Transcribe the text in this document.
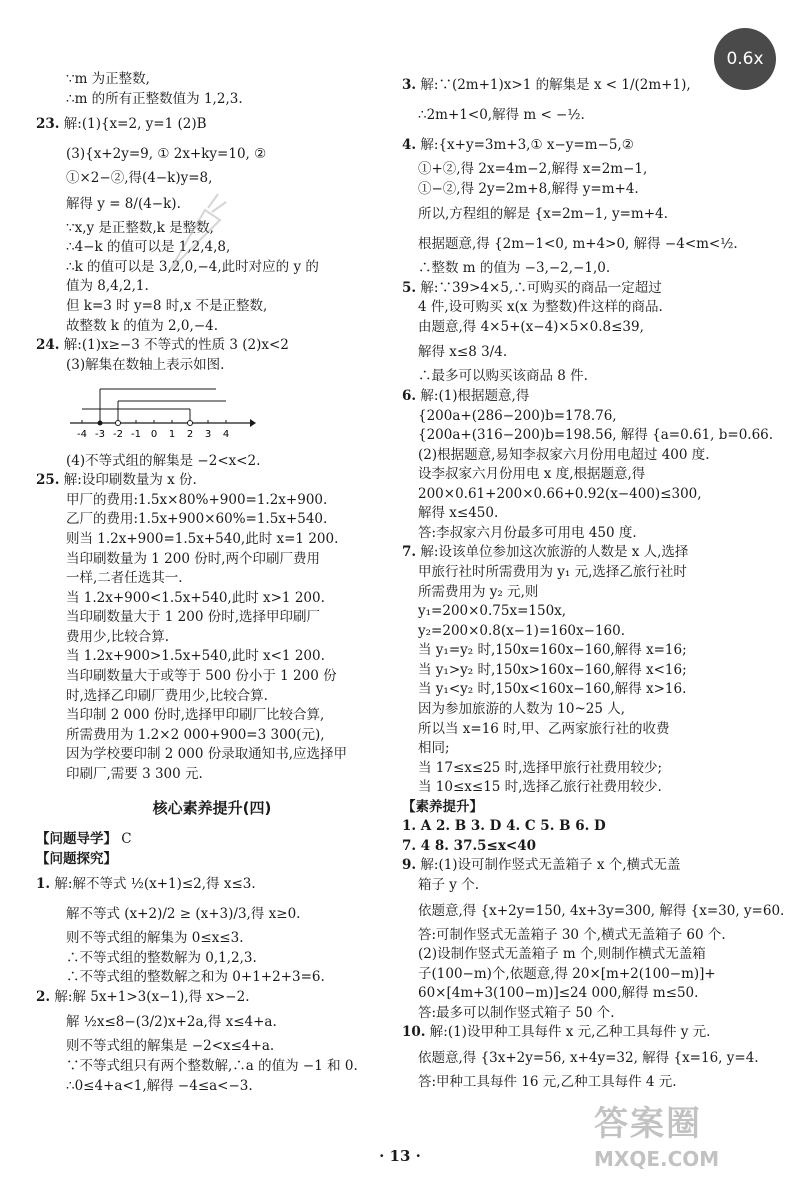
0.6x

∵m 为正整数,

∴m 的所有正整数值为 1,2,3.

23. 解:(1){x=2, y=1 (2)B

(3){x+2y=9, ① 2x+ky=10, ②

①×2−②,得(4−k)y=8,

解得 y = 8/(4−k).

∵x,y 是正整数,k 是整数,

∴4−k 的值可以是 1,2,4,8,

∴k 的值可以是 3,2,0,−4,此时对应的 y 的

值为 8,4,2,1.

但 k=3 时 y=8 时,x 不是正整数,

故整数 k 的值为 2,0,−4.

24. 解:(1)x≥−3 不等式的性质 3 (2)x<2

(3)解集在数轴上表示如图.

-4 -3 -2 -1 0 1 2 3 4

(4)不等式组的解集是 −2<x<2.

25. 解:设印刷数量为 x 份.

甲厂的费用:1.5x×80%+900=1.2x+900.

乙厂的费用:1.5x+900×60%=1.5x+540.

则当 1.2x+900=1.5x+540,此时 x=1 200.

当印刷数量为 1 200 份时,两个印刷厂费用

一样,二者任选其一.

当 1.2x+900<1.5x+540,此时 x>1 200.

当印刷数量大于 1 200 份时,选择甲印刷厂

费用少,比较合算.

当 1.2x+900>1.5x+540,此时 x<1 200.

当印刷数量大于或等于 500 份小于 1 200 份

时,选择乙印刷厂费用少,比较合算.

当印制 2 000 份时,选择甲印刷厂比较合算,

所需费用为 1.2×2 000+900=3 300(元),

因为学校要印制 2 000 份录取通知书,应选择甲

印刷厂,需要 3 300 元.

核心素养提升(四)

【问题导学】 C

【问题探究】

1. 解:解不等式 ½(x+1)≤2,得 x≤3.

解不等式 (x+2)/2 ≥ (x+3)/3,得 x≥0.

则不等式组的解集为 0≤x≤3.

∴不等式组的整数解为 0,1,2,3.

∴不等式组的整数解之和为 0+1+2+3=6.

2. 解:解 5x+1>3(x−1),得 x>−2.

解 ½x≤8−(3/2)x+2a,得 x≤4+a.

则不等式组的解集是 −2<x≤4+a.

∵不等式组只有两个整数解,∴a 的值为 −1 和 0.

∴0≤4+a<1,解得 −4≤a<−3.

3. 解:∵(2m+1)x>1 的解集是 x < 1/(2m+1),

∴2m+1<0,解得 m < −½.

4. 解:{x+y=3m+3,① x−y=m−5,②

①+②,得 2x=4m−2,解得 x=2m−1,

①−②,得 2y=2m+8,解得 y=m+4.

所以,方程组的解是 {x=2m−1, y=m+4.

根据题意,得 {2m−1<0, m+4>0, 解得 −4<m<½.

∴整数 m 的值为 −3,−2,−1,0.

5. 解:∵39>4×5,∴可购买的商品一定超过

4 件,设可购买 x(x 为整数)件这样的商品.

由题意,得 4×5+(x−4)×5×0.8≤39,

解得 x≤8 3/4.

∴最多可以购买该商品 8 件.

6. 解:(1)根据题意,得

{200a+(286−200)b=178.76,

{200a+(316−200)b=198.56, 解得 {a=0.61, b=0.66.

(2)根据题意,易知李叔家六月份用电超过 400 度.

设李叔家六月份用电 x 度,根据题意,得

200×0.61+200×0.66+0.92(x−400)≤300,

解得 x≤450.

答:李叔家六月份最多可用电 450 度.

7. 解:设该单位参加这次旅游的人数是 x 人,选择

甲旅行社时所需费用为 y₁ 元,选择乙旅行社时

所需费用为 y₂ 元,则

y₁=200×0.75x=150x,

y₂=200×0.8(x−1)=160x−160.

当 y₁=y₂ 时,150x=160x−160,解得 x=16;

当 y₁>y₂ 时,150x>160x−160,解得 x<16;

当 y₁<y₂ 时,150x<160x−160,解得 x>16.

因为参加旅游的人数为 10~25 人,

所以当 x=16 时,甲、乙两家旅行社的收费

相同;

当 17≤x≤25 时,选择甲旅行社费用较少;

当 10≤x≤15 时,选择乙旅行社费用较少.

【素养提升】

1. A 2. B 3. D 4. C 5. B 6. D

7. 4 8. 37.5≤x<40

9. 解:(1)设可制作竖式无盖箱子 x 个,横式无盖

箱子 y 个.

依题意,得 {x+2y=150, 4x+3y=300, 解得 {x=30, y=60.

答:可制作竖式无盖箱子 30 个,横式无盖箱子 60 个.

(2)设制作竖式无盖箱子 m 个,则制作横式无盖箱

子(100−m)个,依题意,得 20×[m+2(100−m)]+

60×[4m+3(100−m)]≤24 000,解得 m≤50.

答:最多可以制作竖式箱子 50 个.

10. 解:(1)设甲种工具每件 x 元,乙种工具每件 y 元.

依题意,得 {3x+2y=56, x+4y=32, 解得 {x=16, y=4.

答:甲种工具每件 16 元,乙种工具每件 4 元.

· 13 ·
答案圈
MXQE.COM
